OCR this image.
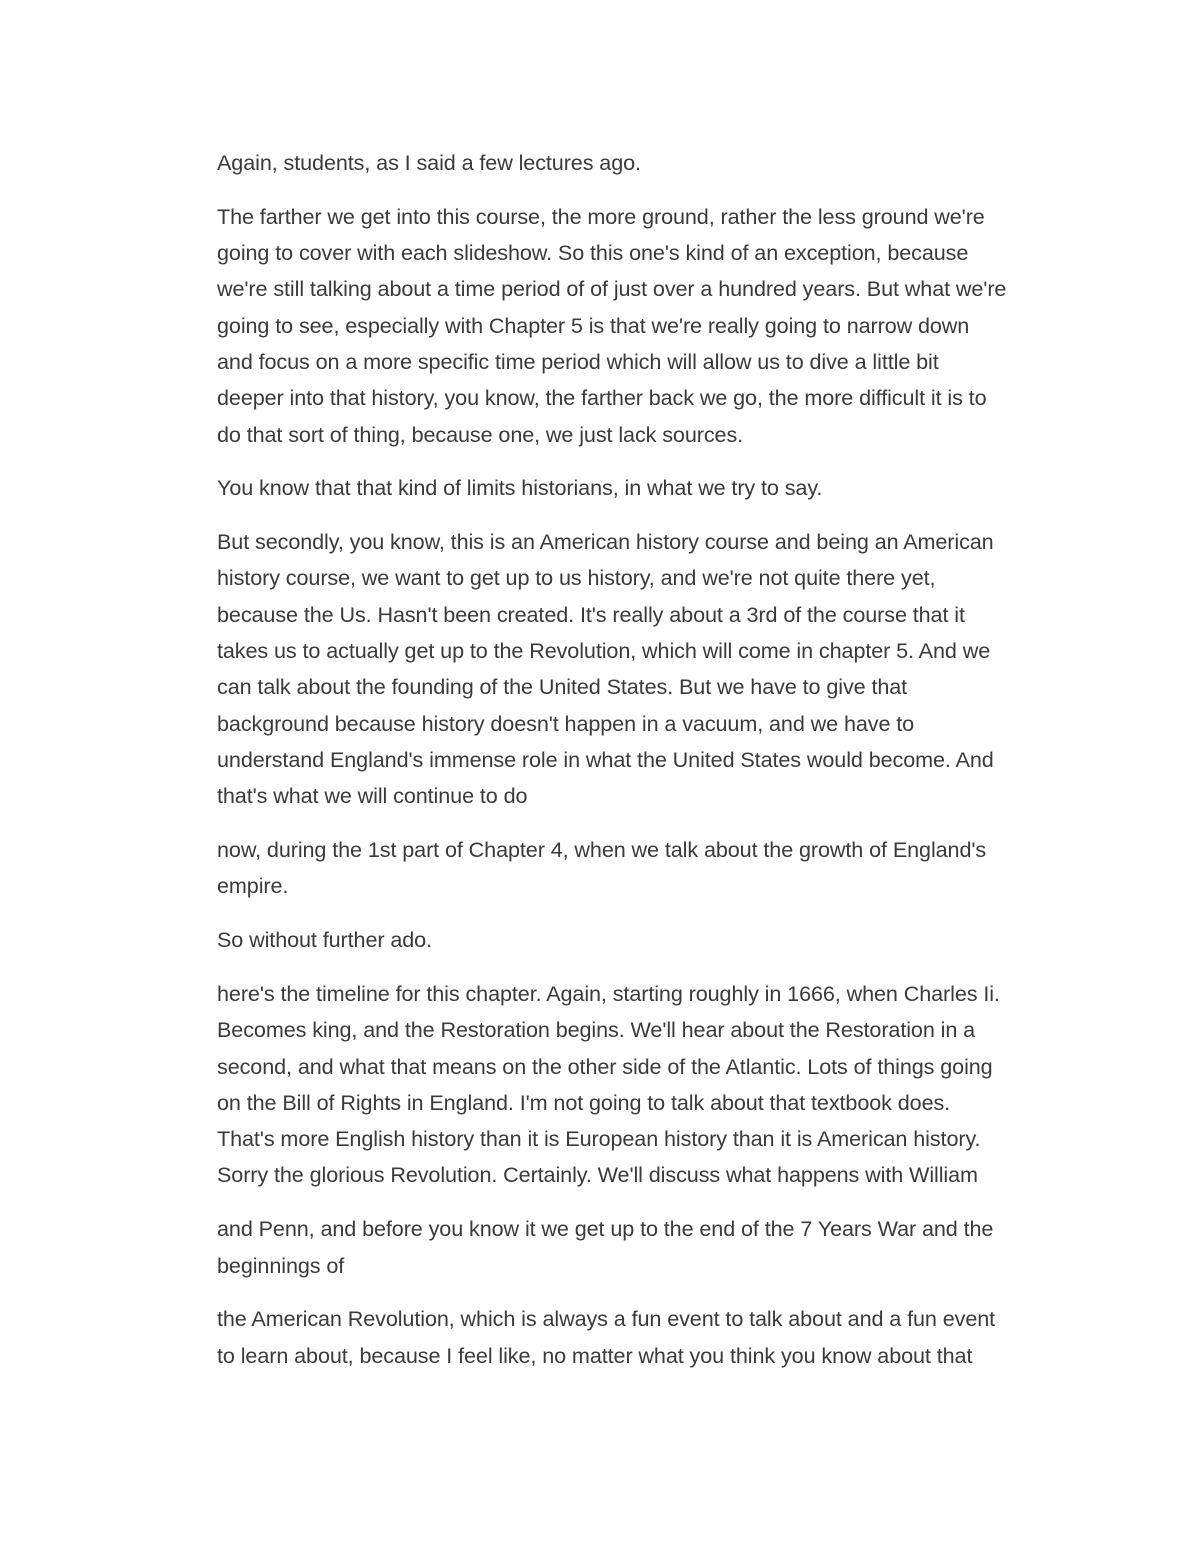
Again, students, as I said a few lectures ago.

The farther we get into this course, the more ground, rather the less ground we're
going to cover with each slideshow. So this one's kind of an exception, because
we're still talking about a time period of of just over a hundred years. But what we're
going to see, especially with Chapter 5 is that we're really going to narrow down
and focus on a more specific time period which will allow us to dive a little bit
deeper into that history, you know, the farther back we go, the more difficult it is to
do that sort of thing, because one, we just lack sources.

You know that that kind of limits historians, in what we try to say.

But secondly, you know, this is an American history course and being an American
history course, we want to get up to us history, and we're not quite there yet,
because the Us. Hasn't been created. It's really about a 3rd of the course that it
takes us to actually get up to the Revolution, which will come in chapter 5. And we
can talk about the founding of the United States. But we have to give that
background because history doesn't happen in a vacuum, and we have to
understand England's immense role in what the United States would become. And
that's what we will continue to do

now, during the 1st part of Chapter 4, when we talk about the growth of England's
empire.

So without further ado.

here's the timeline for this chapter. Again, starting roughly in 1666, when Charles Ii.
Becomes king, and the Restoration begins. We'll hear about the Restoration in a
second, and what that means on the other side of the Atlantic. Lots of things going
on the Bill of Rights in England. I'm not going to talk about that textbook does.
That's more English history than it is European history than it is American history.
Sorry the glorious Revolution. Certainly. We'll discuss what happens with William

and Penn, and before you know it we get up to the end of the 7 Years War and the
beginnings of

the American Revolution, which is always a fun event to talk about and a fun event
to learn about, because I feel like, no matter what you think you know about that
